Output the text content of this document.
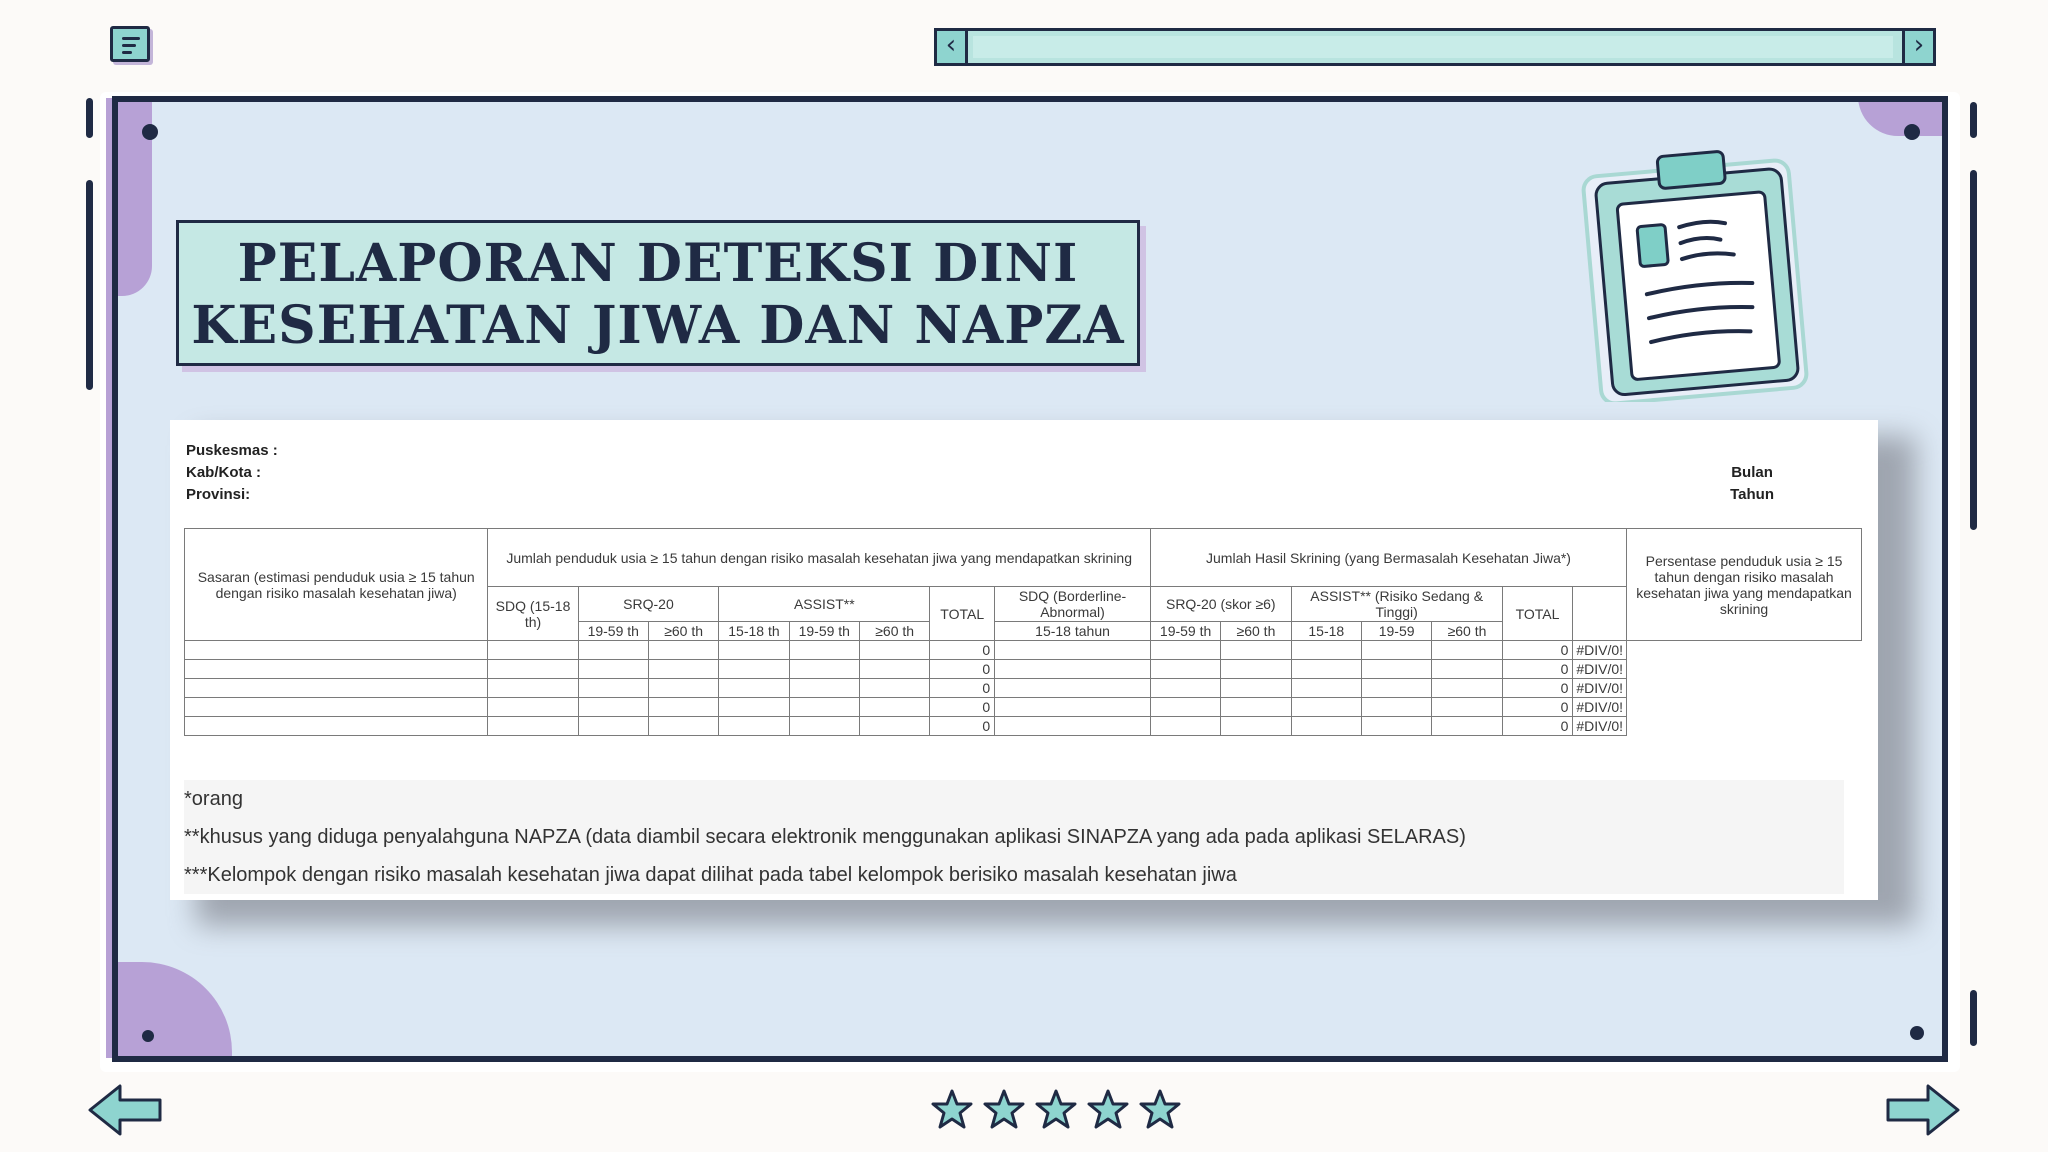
‹	›
PELAPORAN DETEKSI DINI
KESEHATAN JIWA DAN NAPZA
Puskesmas :
Kab/Kota :
Provinsi:
Bulan
Tahun
Sasaran (estimasi penduduk usia ≥ 15 tahun dengan risiko masalah kesehatan jiwa)	Jumlah penduduk usia ≥ 15 tahun dengan risiko masalah kesehatan jiwa yang mendapatkan skrining								Jumlah Hasil Skrining (yang Bermasalah Kesehatan Jiwa*)							Persentase penduduk usia ≥ 15 tahun dengan risiko masalah kesehatan jiwa yang mendapatkan skrining
	SDQ (15-18 th)	SRQ-20		ASSIST**			TOTAL	SDQ (Borderline-Abnormal)	SRQ-20 (skor ≥6)		ASSIST** (Risiko Sedang & Tinggi)			TOTAL		
		19-59 th	≥60 th	15-18 th	19-59 th	≥60 th		15-18 tahun	19-59 th	≥60 th	15-18	19-59	≥60 th			
							0							0	#DIV/0!	
							0							0	#DIV/0!	
							0							0	#DIV/0!	
							0							0	#DIV/0!	
							0							0	#DIV/0!	
*orang
**khusus yang diduga penyalahguna NAPZA (data diambil secara elektronik menggunakan aplikasi SINAPZA yang ada pada aplikasi SELARAS)
***Kelompok dengan risiko masalah kesehatan jiwa dapat dilihat pada tabel kelompok berisiko masalah kesehatan jiwa
